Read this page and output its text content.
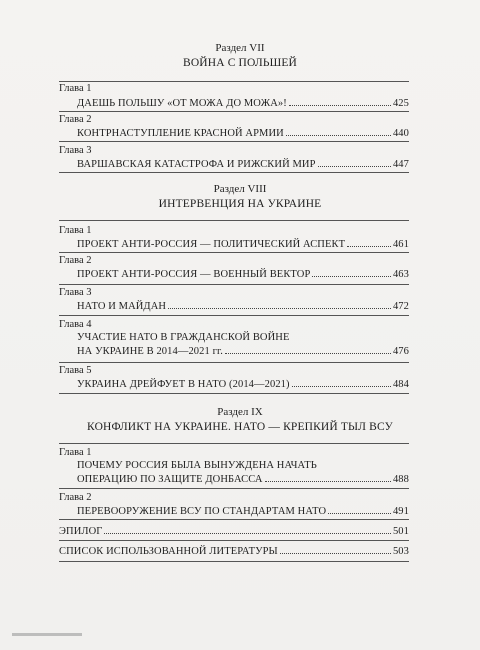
Раздел VII
ВОЙНА С ПОЛЬШЕЙ
Глава 1
ДАЕШЬ ПОЛЬШУ «ОТ МОЖА ДО МОЖА»!	425
Глава 2
КОНТРНАСТУПЛЕНИЕ КРАСНОЙ АРМИИ	440
Глава 3
ВАРШАВСКАЯ КАТАСТРОФА И РИЖСКИЙ МИР	447
Раздел VIII
ИНТЕРВЕНЦИЯ НА УКРАИНЕ
Глава 1
ПРОЕКТ АНТИ-РОССИЯ — ПОЛИТИЧЕСКИЙ АСПЕКТ	461
Глава 2
ПРОЕКТ АНТИ-РОССИЯ — ВОЕННЫЙ ВЕКТОР	463
Глава 3
НАТО И МАЙДАН	472
Глава 4
УЧАСТИЕ НАТО В ГРАЖДАНСКОЙ ВОЙНЕ
НА УКРАИНЕ В 2014—2021 гг.	476
Глава 5
УКРАИНА ДРЕЙФУЕТ В НАТО (2014—2021)	484
Раздел IX
КОНФЛИКТ НА УКРАИНЕ. НАТО — КРЕПКИЙ ТЫЛ ВСУ
Глава 1
ПОЧЕМУ РОССИЯ БЫЛА ВЫНУЖДЕНА НАЧАТЬ
ОПЕРАЦИЮ ПО ЗАЩИТЕ ДОНБАССА	488
Глава 2
ПЕРЕВООРУЖЕНИЕ ВСУ ПО СТАНДАРТАМ НАТО	491
ЭПИЛОГ	501
СПИСОК ИСПОЛЬЗОВАННОЙ ЛИТЕРАТУРЫ	503
